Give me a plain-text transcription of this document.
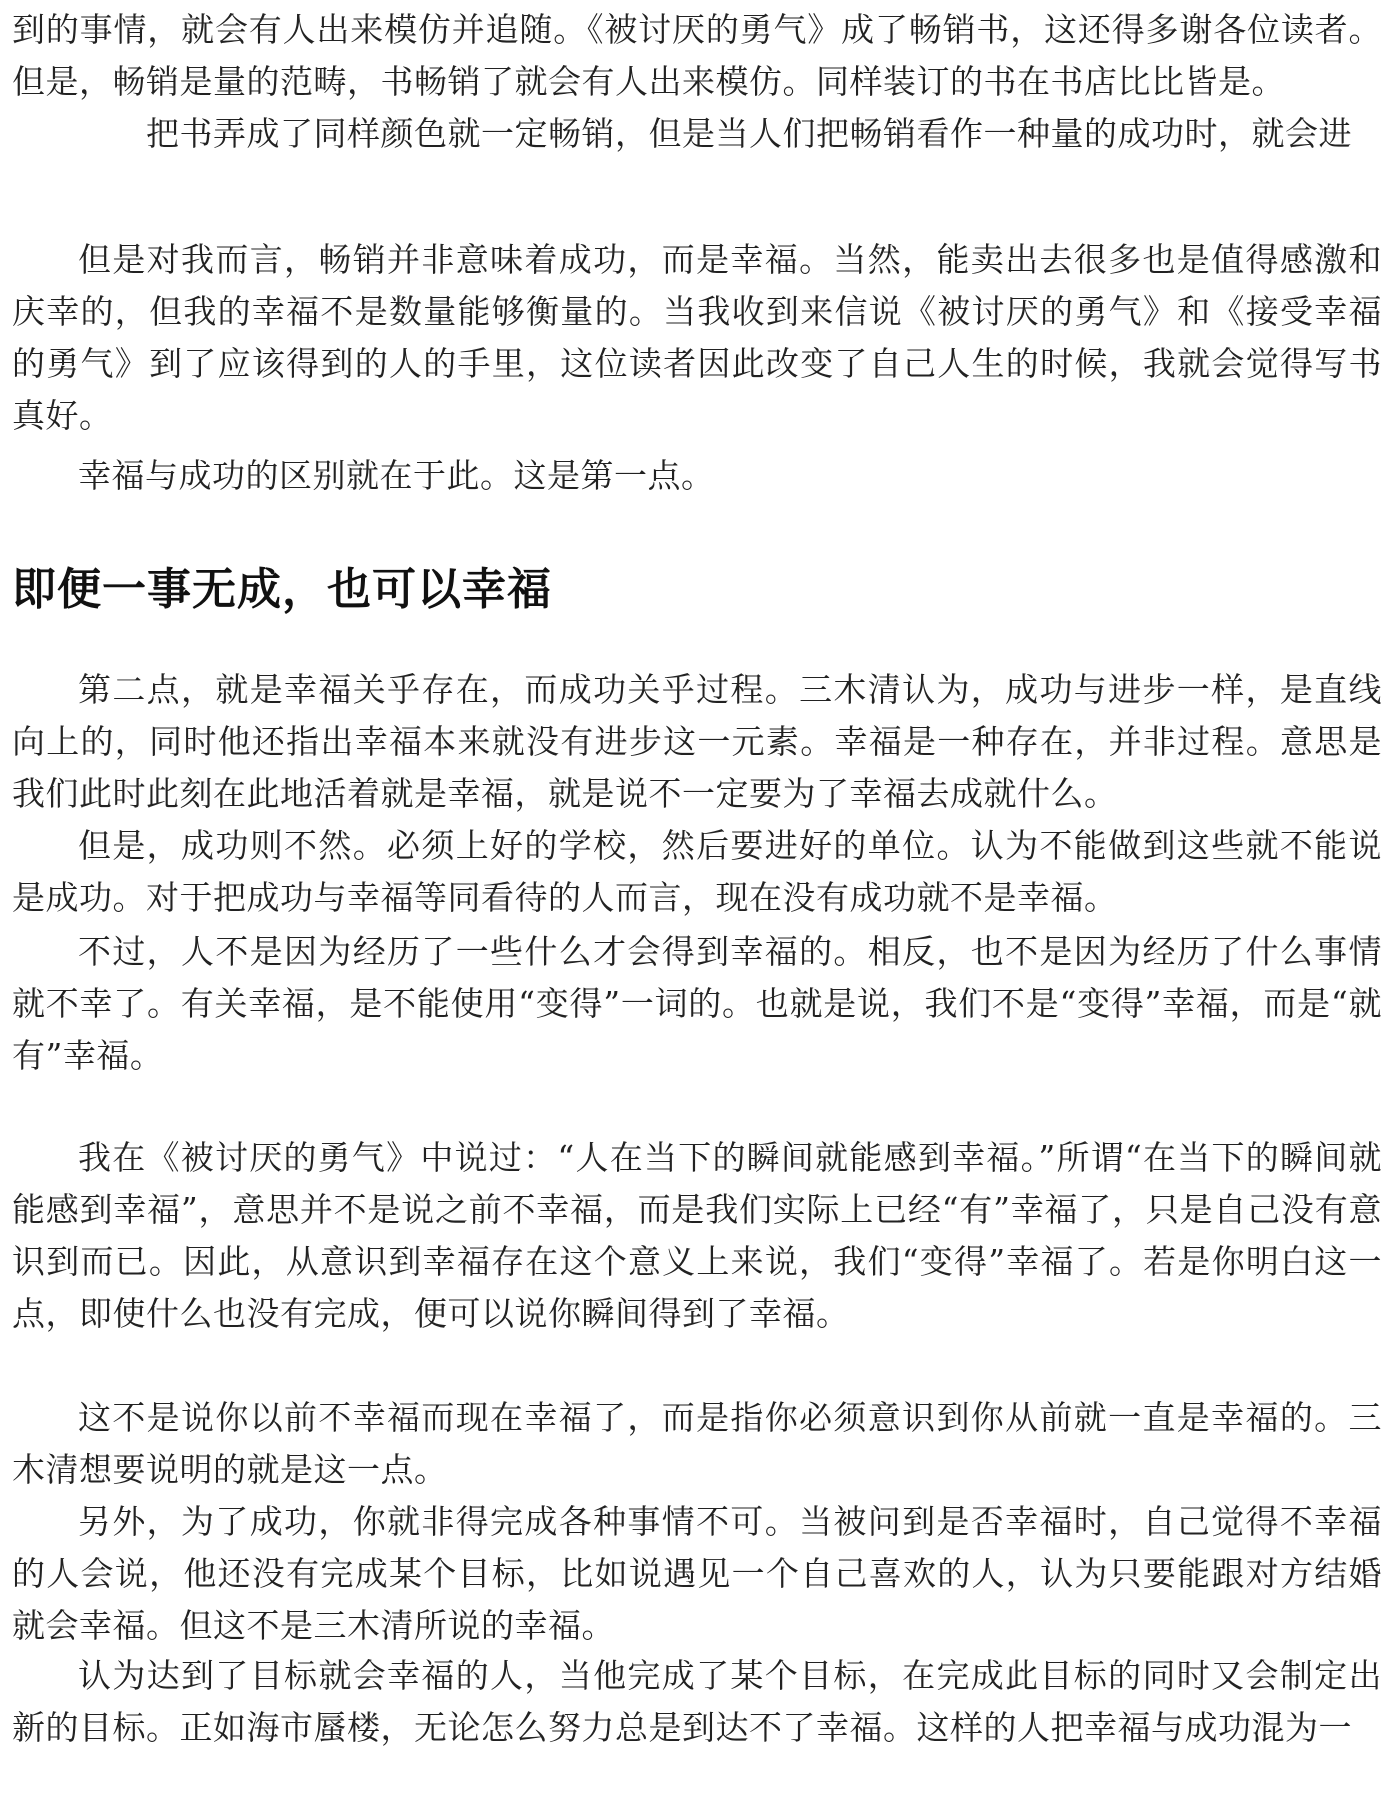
到的事情，就会有人出来模仿并追随。《被讨厌的勇气》成了畅销书，这还得多谢各位读者。但是，畅销是量的范畴，书畅销了就会有人出来模仿。同样装订的书在书店比比皆是。

把书弄成了同样颜色就一定畅销，但是当人们把畅销看作一种量的成功时，就会进

但是对我而言，畅销并非意味着成功，而是幸福。当然，能卖出去很多也是值得感激和庆幸的，但我的幸福不是数量能够衡量的。当我收到来信说《被讨厌的勇气》和《接受幸福的勇气》到了应该得到的人的手里，这位读者因此改变了自己人生的时候，我就会觉得写书真好。

幸福与成功的区别就在于此。这是第一点。

即便一事无成，也可以幸福

第二点，就是幸福关乎存在，而成功关乎过程。三木清认为，成功与进步一样，是直线向上的，同时他还指出幸福本来就没有进步这一元素。幸福是一种存在，并非过程。意思是我们此时此刻在此地活着就是幸福，就是说不一定要为了幸福去成就什么。

但是，成功则不然。必须上好的学校，然后要进好的单位。认为不能做到这些就不能说是成功。对于把成功与幸福等同看待的人而言，现在没有成功就不是幸福。

不过，人不是因为经历了一些什么才会得到幸福的。相反，也不是因为经历了什么事情就不幸了。有关幸福，是不能使用“变得”一词的。也就是说，我们不是“变得”幸福，而是“就有”幸福。

我在《被讨厌的勇气》中说过：“人在当下的瞬间就能感到幸福。”所谓“在当下的瞬间就能感到幸福”，意思并不是说之前不幸福，而是我们实际上已经“有”幸福了，只是自己没有意识到而已。因此，从意识到幸福存在这个意义上来说，我们“变得”幸福了。若是你明白这一点，即使什么也没有完成，便可以说你瞬间得到了幸福。

这不是说你以前不幸福而现在幸福了，而是指你必须意识到你从前就一直是幸福的。三木清想要说明的就是这一点。

另外，为了成功，你就非得完成各种事情不可。当被问到是否幸福时，自己觉得不幸福的人会说，他还没有完成某个目标，比如说遇见一个自己喜欢的人，认为只要能跟对方结婚就会幸福。但这不是三木清所说的幸福。

认为达到了目标就会幸福的人，当他完成了某个目标，在完成此目标的同时又会制定出新的目标。正如海市蜃楼，无论怎么努力总是到达不了幸福。这样的人把幸福与成功混为一
